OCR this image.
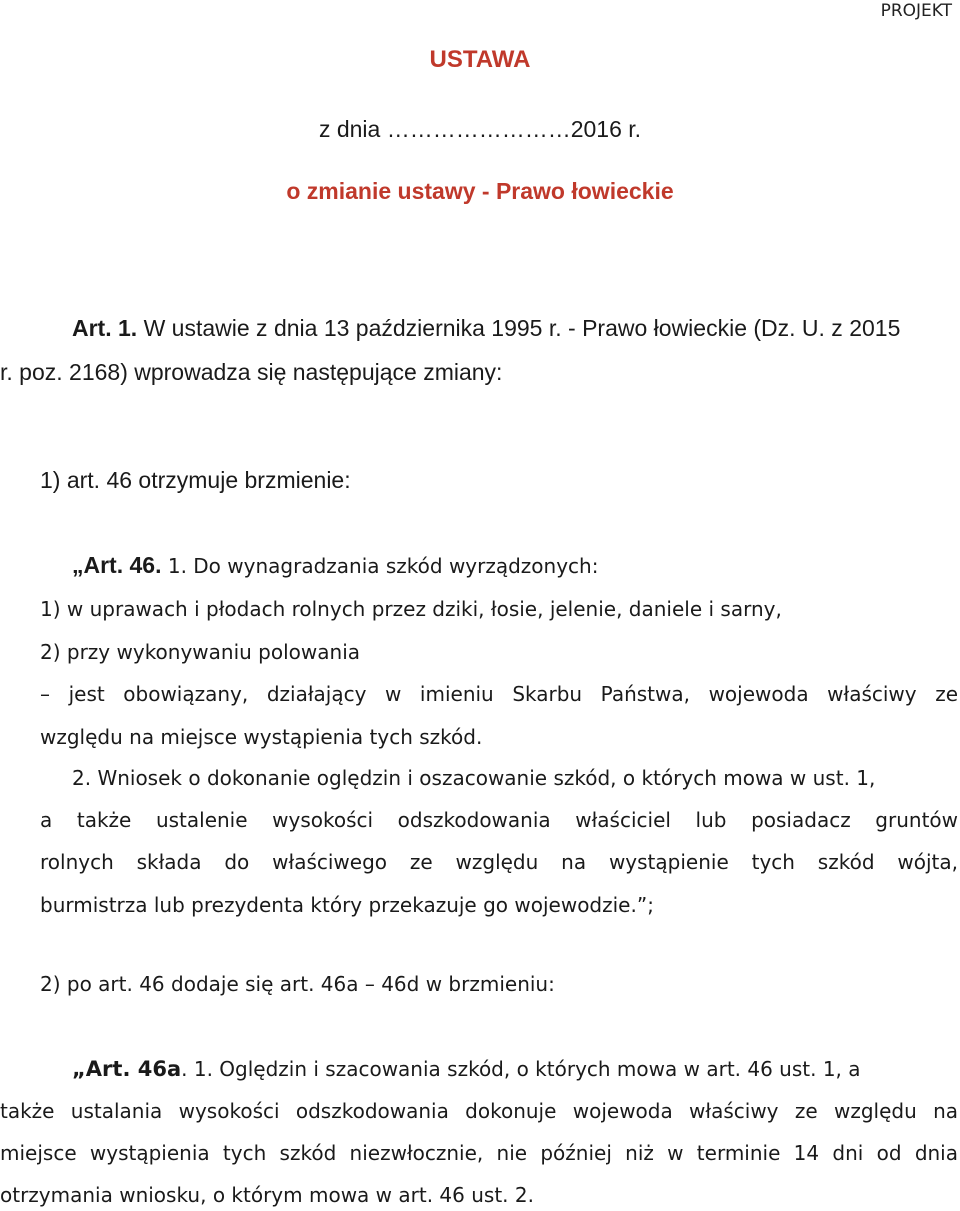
PROJEKT
USTAWA
z dnia ……………………2016 r.
o zmianie ustawy - Prawo łowieckie
Art. 1. W ustawie z dnia 13 października 1995 r. - Prawo łowieckie (Dz. U. z 2015
r. poz. 2168) wprowadza się następujące zmiany:
1) art. 46 otrzymuje brzmienie:
„Art. 46. 1. Do wynagradzania szkód wyrządzonych:
1) w uprawach i płodach rolnych przez dziki, łosie, jelenie, daniele i sarny,
2) przy wykonywaniu polowania
– jest obowiązany, działający w imieniu Skarbu Państwa, wojewoda właściwy ze
względu na miejsce wystąpienia tych szkód.
2. Wniosek o dokonanie oględzin i oszacowanie szkód, o których mowa w ust. 1,
a także ustalenie wysokości odszkodowania właściciel lub posiadacz gruntów
rolnych składa do właściwego ze względu na wystąpienie tych szkód wójta,
burmistrza lub prezydenta który przekazuje go wojewodzie.”;
2) po art. 46 dodaje się art. 46a – 46d w brzmieniu:
„Art. 46a. 1. Oględzin i szacowania szkód, o których mowa w art. 46 ust. 1, a
także ustalania wysokości odszkodowania dokonuje wojewoda właściwy ze względu na
miejsce wystąpienia tych szkód niezwłocznie, nie później niż w terminie 14 dni od dnia
otrzymania wniosku, o którym mowa w art. 46 ust. 2.
